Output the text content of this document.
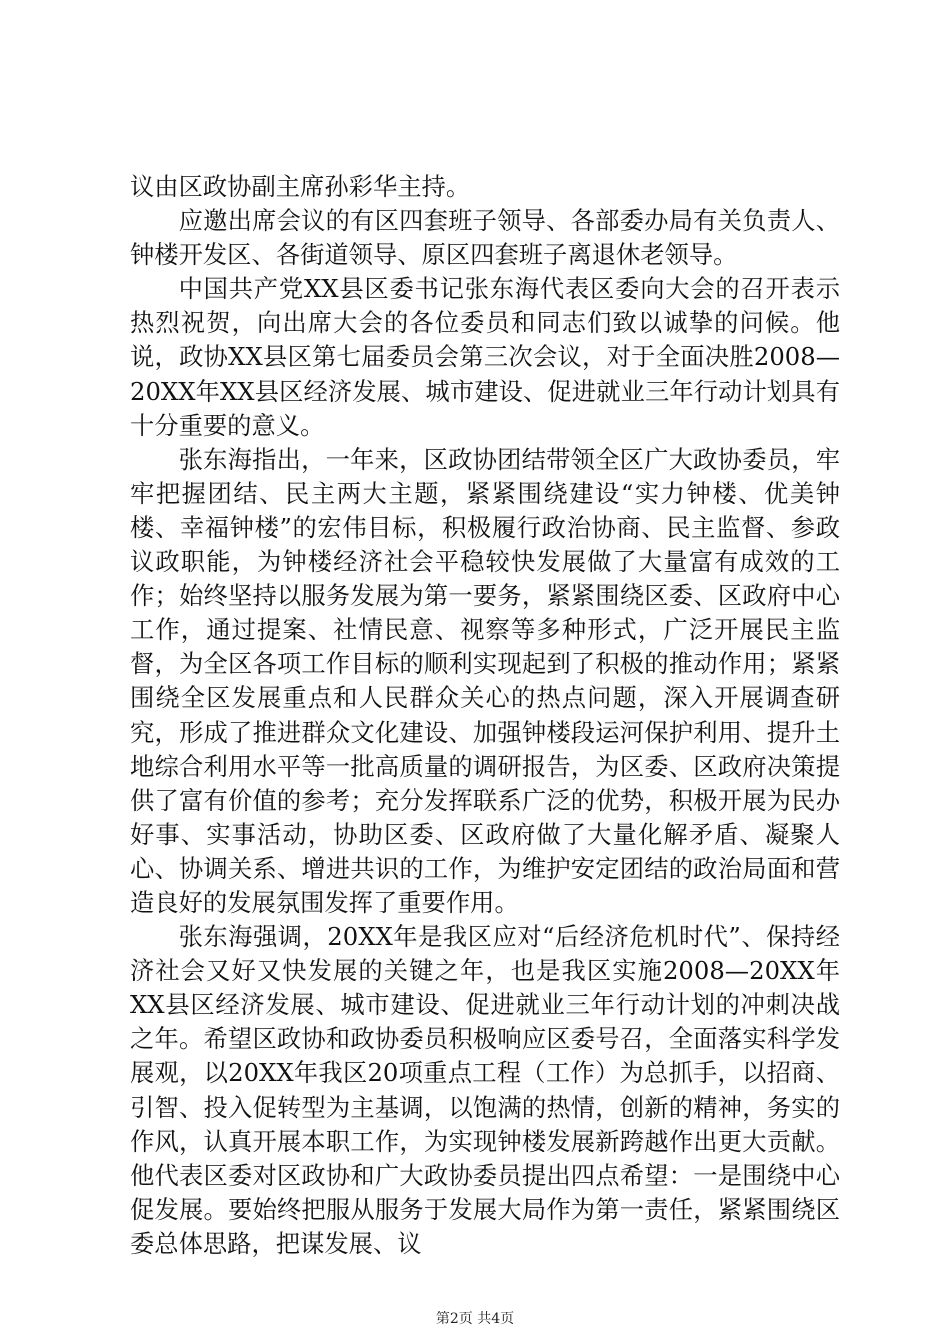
议由区政协副主席孙彩华主持。

应邀出席会议的有区四套班子领导、各部委办局有关负责人、钟楼开发区、各街道领导、原区四套班子离退休老领导。

中国共产党XX县区委书记张东海代表区委向大会的召开表示热烈祝贺，向出席大会的各位委员和同志们致以诚挚的问候。他说，政协XX县区第七届委员会第三次会议，对于全面决胜2008—20XX年XX县区经济发展、城市建设、促进就业三年行动计划具有十分重要的意义。

张东海指出，一年来，区政协团结带领全区广大政协委员，牢牢把握团结、民主两大主题，紧紧围绕建设“实力钟楼、优美钟楼、幸福钟楼”的宏伟目标，积极履行政治协商、民主监督、参政议政职能，为钟楼经济社会平稳较快发展做了大量富有成效的工作；始终坚持以服务发展为第一要务，紧紧围绕区委、区政府中心工作，通过提案、社情民意、视察等多种形式，广泛开展民主监督，为全区各项工作目标的顺利实现起到了积极的推动作用；紧紧围绕全区发展重点和人民群众关心的热点问题，深入开展调查研究，形成了推进群众文化建设、加强钟楼段运河保护利用、提升土地综合利用水平等一批高质量的调研报告，为区委、区政府决策提供了富有价值的参考；充分发挥联系广泛的优势，积极开展为民办好事、实事活动，协助区委、区政府做了大量化解矛盾、凝聚人心、协调关系、增进共识的工作，为维护安定团结的政治局面和营造良好的发展氛围发挥了重要作用。

张东海强调，20XX年是我区应对“后经济危机时代”、保持经济社会又好又快发展的关键之年，也是我区实施2008—20XX年XX县区经济发展、城市建设、促进就业三年行动计划的冲刺决战之年。希望区政协和政协委员积极响应区委号召，全面落实科学发展观，以20XX年我区20项重点工程（工作）为总抓手，以招商、引智、投入促转型为主基调，以饱满的热情，创新的精神，务实的作风，认真开展本职工作，为实现钟楼发展新跨越作出更大贡献。他代表区委对区政协和广大政协委员提出四点希望：一是围绕中心促发展。要始终把服从服务于发展大局作为第一责任，紧紧围绕区委总体思路，把谋发展、议

第2页 共4页
